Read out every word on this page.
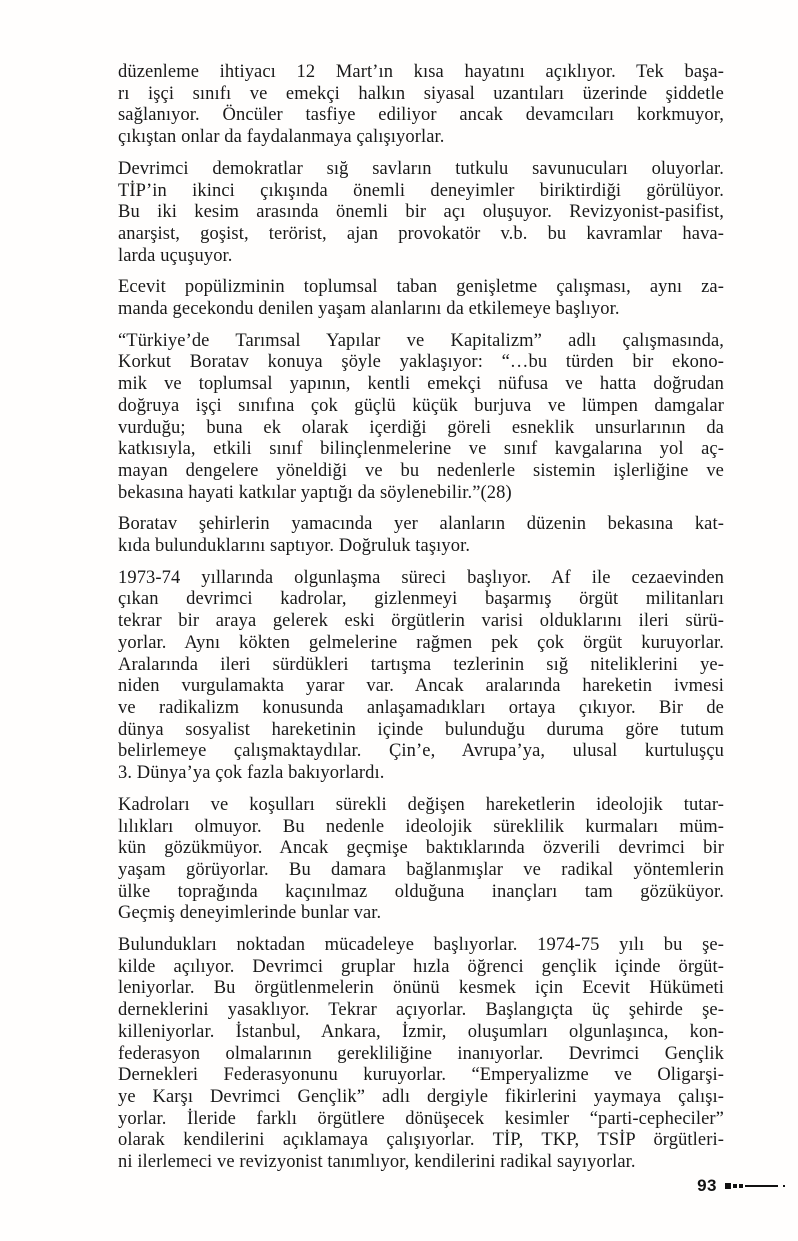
düzenleme ihtiyacı 12 Mart’ın kısa hayatını açıklıyor. Tek başa-
rı işçi sınıfı ve emekçi halkın siyasal uzantıları üzerinde şiddetle
sağlanıyor. Öncüler tasfiye ediliyor ancak devamcıları korkmuyor,
çıkıştan onlar da faydalanmaya çalışıyorlar.
Devrimci demokratlar sığ savların tutkulu savunucuları oluyorlar.
TİP’in ikinci çıkışında önemli deneyimler biriktirdiği görülüyor.
Bu iki kesim arasında önemli bir açı oluşuyor. Revizyonist-pasifist,
anarşist, goşist, terörist, ajan provokatör v.b. bu kavramlar hava-
larda uçuşuyor.
Ecevit popülizminin toplumsal taban genişletme çalışması, aynı za-
manda gecekondu denilen yaşam alanlarını da etkilemeye başlıyor.
“Türkiye’de Tarımsal Yapılar ve Kapitalizm” adlı çalışmasında,
Korkut Boratav konuya şöyle yaklaşıyor: “…bu türden bir ekono-
mik ve toplumsal yapının, kentli emekçi nüfusa ve hatta doğrudan
doğruya işçi sınıfına çok güçlü küçük burjuva ve lümpen damgalar
vurduğu; buna ek olarak içerdiği göreli esneklik unsurlarının da
katkısıyla, etkili sınıf bilinçlenmelerine ve sınıf kavgalarına yol aç-
mayan dengelere yöneldiği ve bu nedenlerle sistemin işlerliğine ve
bekasına hayati katkılar yaptığı da söylenebilir.”(28)
Boratav şehirlerin yamacında yer alanların düzenin bekasına kat-
kıda bulunduklarını saptıyor. Doğruluk taşıyor.
1973-74 yıllarında olgunlaşma süreci başlıyor. Af ile cezaevinden
çıkan devrimci kadrolar, gizlenmeyi başarmış örgüt militanları
tekrar bir araya gelerek eski örgütlerin varisi olduklarını ileri sürü-
yorlar. Aynı kökten gelmelerine rağmen pek çok örgüt kuruyorlar.
Aralarında ileri sürdükleri tartışma tezlerinin sığ niteliklerini ye-
niden vurgulamakta yarar var. Ancak aralarında hareketin ivmesi
ve radikalizm konusunda anlaşamadıkları ortaya çıkıyor. Bir de
dünya sosyalist hareketinin içinde bulunduğu duruma göre tutum
belirlemeye çalışmaktaydılar. Çin’e, Avrupa’ya, ulusal kurtuluşçu
3. Dünya’ya çok fazla bakıyorlardı.
Kadroları ve koşulları sürekli değişen hareketlerin ideolojik tutar-
lılıkları olmuyor. Bu nedenle ideolojik süreklilik kurmaları müm-
kün gözükmüyor. Ancak geçmişe baktıklarında özverili devrimci bir
yaşam görüyorlar. Bu damara bağlanmışlar ve radikal yöntemlerin
ülke toprağında kaçınılmaz olduğuna inançları tam gözüküyor.
Geçmiş deneyimlerinde bunlar var.
Bulundukları noktadan mücadeleye başlıyorlar. 1974-75 yılı bu şe-
kilde açılıyor. Devrimci gruplar hızla öğrenci gençlik içinde örgüt-
leniyorlar. Bu örgütlenmelerin önünü kesmek için Ecevit Hükümeti
derneklerini yasaklıyor. Tekrar açıyorlar. Başlangıçta üç şehirde şe-
killeniyorlar. İstanbul, Ankara, İzmir, oluşumları olgunlaşınca, kon-
federasyon olmalarının gerekliliğine inanıyorlar. Devrimci Gençlik
Dernekleri Federasyonunu kuruyorlar. “Emperyalizme ve Oligarşi-
ye Karşı Devrimci Gençlik” adlı dergiyle fikirlerini yaymaya çalışı-
yorlar. İleride farklı örgütlere dönüşecek kesimler “parti-cepheciler”
olarak kendilerini açıklamaya çalışıyorlar. TİP, TKP, TSİP örgütleri-
ni ilerlemeci ve revizyonist tanımlıyor, kendilerini radikal sayıyorlar.
93
